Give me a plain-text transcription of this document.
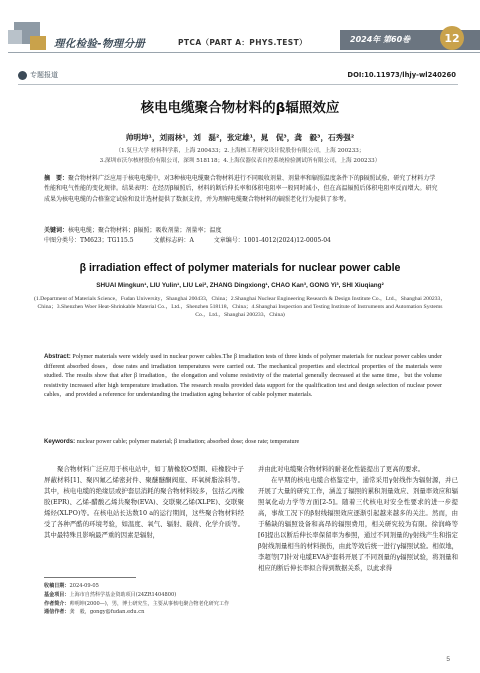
理化检验-物理分册	PTCA（PART A：PHYS.TEST）	2024年 第60卷	12
专题报道	DOI:10.11973/lhjy-wl240260
核电电缆聚合物材料的β辐照效应
帅明坤¹，刘雨林¹，刘　磊²，张定雄¹，晁　侃³，龚　毅³，石秀强²
（1.复旦大学 材料科学系，上海 200433；2.上海核工程研究设计院股份有限公司，上海 200233；
3.深圳市沃尔核材股份有限公司，深圳 518118；4.上海仪器仪表自控系统检验测试所有限公司，上海 200233）
摘　要：聚合物材料广泛应用于核电电缆中，对3种核电电缆聚合物材料进行不同吸收剂量、剂量率和辐照温度条件下的β辐照试验，研究了材料力学性能和电气性能的变化规律。结果表明：在经历β辐照后，材料的断后伸长率和体积电阻率一般同时减小，但在高温辐照后体积电阻率反而增大。研究成果为核电电缆的合格鉴定试验和设计选材提供了数据支持，并为理解电缆聚合物材料的辐照老化行为提供了参考。
关键词：核电电缆；聚合物材料；β辐照；吸收剂量；剂量率；温度
中图分类号：TM623；TG115.5	文献标志码：A	文章编号：1001-4012(2024)12-0005-04
β irradiation effect of polymer materials for nuclear power cable
SHUAI Mingkun¹, LIU Yulin¹, LIU Lei², ZHANG Dingxiong¹, CHAO Kan³, GONG Yi³, SHI Xiuqiang²
(1.Department of Materials Science，Fudan University，Shanghai 200433，China；2.Shanghai Nuclear Engineering Research & Design Institute Co.，Ltd.，Shanghai 200233，China；3.Shenzhen Woer Heat-Shrinkable Material Co.，Ltd.，Shenzhen 518118，China；4.Shanghai Inspection and Testing Institute of Instruments and Automation Systems Co.，Ltd.，Shanghai 200233，China)
Abstract: Polymer materials were widely used in nuclear power cables.The β irradiation tests of three kinds of polymer materials for nuclear power cables under different absorbed doses，dose rates and irradiation temperatures were carried out. The mechanical properties and electrical properties of the materials were studied. The results show that after β irradiation，the elongation and volume resistivity of the material generally decreased at the same time，but the volume resistivity increased after high temperature irradiation. The research results provided data support for the qualification test and design selection of nuclear power cables，and provided a reference for understanding the irradiation aging behavior of cable polymer materials.
Keywords: nuclear power cable; polymer material; β irradiation; absorbed dose; dose rate; temperature

聚合物材料广泛应用于核电站中，如丁腈橡胶O型圈、硅橡胶中子屏蔽材料[1]、聚四氟乙烯密封件、聚醚醚酮阀座、环氧树脂涂料等。其中，核电电缆的绝缘层或护套层消耗的聚合物材料较多，包括乙丙橡胶(EPR)、乙烯-醋酸乙烯共聚物(EVA)、交联聚乙烯(XLPE)、交联聚烯烃(XLPO)等。在核电站长达数10 a的运行期间，这些聚合物材料经受了各种严酷的环境考验，如温度、氧气、辐射、载荷、化学介质等。其中最特殊且影响最严重的因素是辐射，

并由此对电缆聚合物材料的耐老化性能提出了更高的要求。

在早期的核电电缆合格鉴定中，通常采用γ射线作为辐射源，并已开展了大量的研究工作，涵盖了辐照的累积剂量效应、剂量率效应和辐照氧化动力学等方面[2-5]。随着三代核电对安全性要求的进一步提高，事故工况下的β射线辐照效应逐渐引起越来越多的关注。然而，由于稀缺的辐照设备和高昂的辐照费用，相关研究较为有限。徐润峰等[6]提出以断后伸长率保留率为参照，通过不同剂量的γ射线产生和指定β射线剂量相当的材料损伤，由此等效后统一进行γ辐照试验。相似地，李超等[7]针对电缆EVA护套料开展了不同剂量的γ辐照试验，将剂量和相应的断后伸长率拟合得到数据关系，以此求得

收稿日期：2024-09-05
基金项目：上海市自然科学基金资助项目(24ZR1404800)
作者简介：帅明坤(2000—)，男，博士研究生，主要从事核电聚合物老化研究工作
通信作者：龚　毅，gongy@fudan.edu.cn
5
